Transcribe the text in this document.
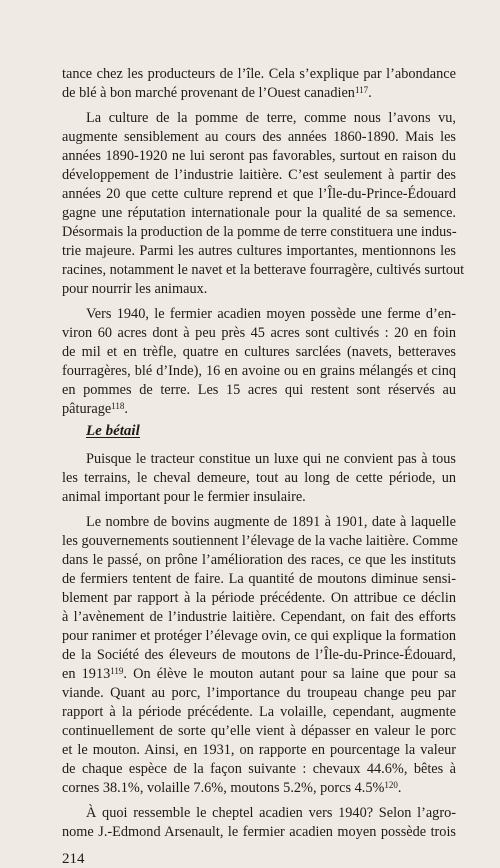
Le bétail
tance chez les producteurs de l’île. Cela s’explique par l’abondance
de blé à bon marché provenant de l’Ouest canadien$^{117}$.
La culture de la pomme de terre, comme nous l’avons vu,
augmente sensiblement au cours des années 1860-1890. Mais les
années 1890-1920 ne lui seront pas favorables, surtout en raison du
développement de l’industrie laitière. C’est seulement à partir des
années 20 que cette culture reprend et que l’Île-du-Prince-Édouard
gagne une réputation internationale pour la qualité de sa semence.
Désormais la production de la pomme de terre constituera une indus-
trie majeure. Parmi les autres cultures importantes, mentionnons les
racines, notamment le navet et la betterave fourragère, cultivés surtout
pour nourrir les animaux.
Vers 1940, le fermier acadien moyen possède une ferme d’en-
viron 60 acres dont à peu près 45 acres sont cultivés : 20 en foin
de mil et en trèfle, quatre en cultures sarclées (navets, betteraves
fourragères, blé d’Inde), 16 en avoine ou en grains mélangés et cinq
en pommes de terre. Les 15 acres qui restent sont réservés au
pâturage$^{118}$.
Puisque le tracteur constitue un luxe qui ne convient pas à tous
les terrains, le cheval demeure, tout au long de cette période, un
animal important pour le fermier insulaire.
Le nombre de bovins augmente de 1891 à 1901, date à laquelle
les gouvernements soutiennent l’élevage de la vache laitière. Comme
dans le passé, on prône l’amélioration des races, ce que les instituts
de fermiers tentent de faire. La quantité de moutons diminue sensi-
blement par rapport à la période précédente. On attribue ce déclin
à l’avènement de l’industrie laitière. Cependant, on fait des efforts
pour ranimer et protéger l’élevage ovin, ce qui explique la formation
de la Société des éleveurs de moutons de l’Île-du-Prince-Édouard,
en 1913$^{119}$. On élève le mouton autant pour sa laine que pour sa
viande. Quant au porc, l’importance du troupeau change peu par
rapport à la période précédente. La volaille, cependant, augmente
continuellement de sorte qu’elle vient à dépasser en valeur le porc
et le mouton. Ainsi, en 1931, on rapporte en pourcentage la valeur
de chaque espèce de la façon suivante : chevaux 44.6%, bêtes à
cornes 38.1%, volaille 7.6%, moutons 5.2%, porcs 4.5%$^{120}$.
À quoi ressemble le cheptel acadien vers 1940? Selon l’agro-
nome J.-Edmond Arsenault, le fermier acadien moyen possède trois
214
